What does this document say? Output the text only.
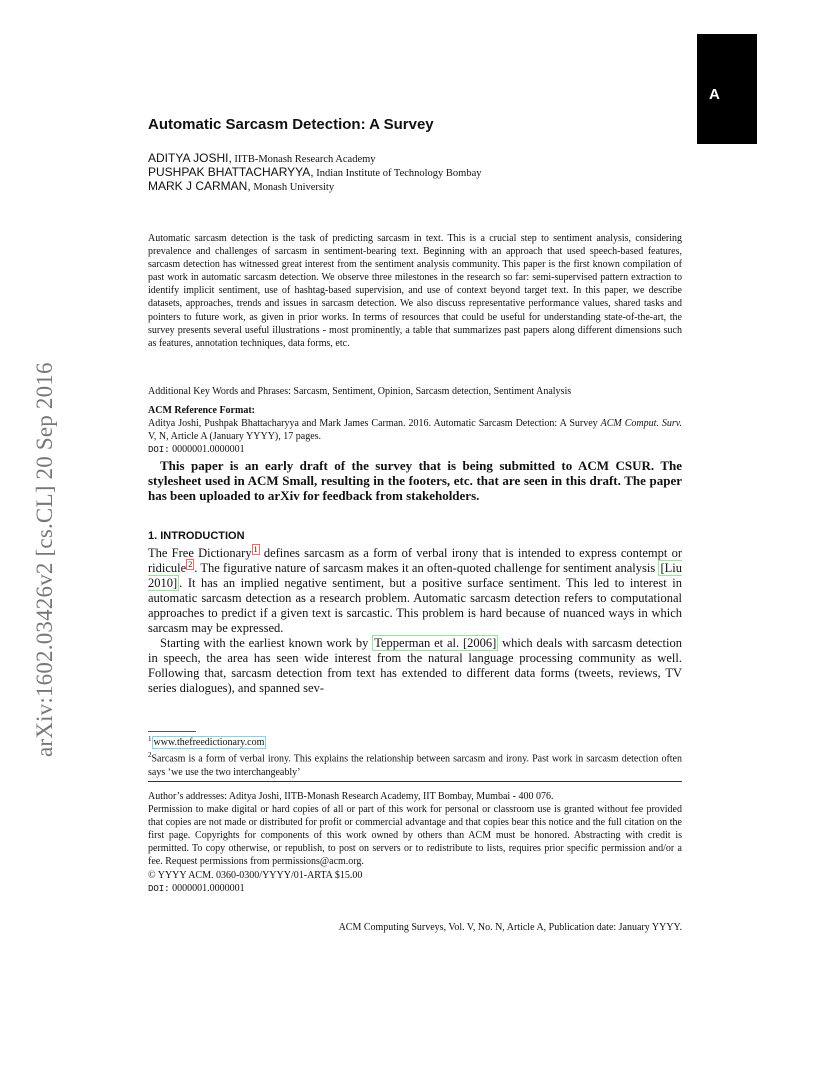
A
arXiv:1602.03426v2 [cs.CL] 20 Sep 2016
Automatic Sarcasm Detection: A Survey
ADITYA JOSHI, IITB-Monash Research Academy
PUSHPAK BHATTACHARYYA, Indian Institute of Technology Bombay
MARK J CARMAN, Monash University
Automatic sarcasm detection is the task of predicting sarcasm in text. This is a crucial step to sentiment analysis, considering prevalence and challenges of sarcasm in sentiment-bearing text. Beginning with an approach that used speech-based features, sarcasm detection has witnessed great interest from the sentiment analysis community. This paper is the first known compilation of past work in automatic sarcasm detection. We observe three milestones in the research so far: semi-supervised pattern extraction to identify implicit sentiment, use of hashtag-based supervision, and use of context beyond target text. In this paper, we describe datasets, approaches, trends and issues in sarcasm detection. We also discuss representative performance values, shared tasks and pointers to future work, as given in prior works. In terms of resources that could be useful for understanding state-of-the-art, the survey presents several useful illustrations - most prominently, a table that summarizes past papers along different dimensions such as features, annotation techniques, data forms, etc.
Additional Key Words and Phrases: Sarcasm, Sentiment, Opinion, Sarcasm detection, Sentiment Analysis
ACM Reference Format:
Aditya Joshi, Pushpak Bhattacharyya and Mark James Carman. 2016. Automatic Sarcasm Detection: A Survey ACM Comput. Surv. V, N, Article A (January YYYY), 17 pages.
DOI: 0000001.0000001
This paper is an early draft of the survey that is being submitted to ACM CSUR. The stylesheet used in ACM Small, resulting in the footers, etc. that are seen in this draft. The paper has been uploaded to arXiv for feedback from stakeholders.
1. INTRODUCTION

The Free Dictionary $^1$ defines sarcasm as a form of verbal irony that is intended to express contempt or ridicule $^2$ . The figurative nature of sarcasm makes it an often-quoted challenge for sentiment analysis [Liu 2010] . It has an implied negative sentiment, but a positive surface sentiment. This led to interest in automatic sarcasm detection as a research problem. Automatic sarcasm detection refers to computational approaches to predict if a given text is sarcastic. This problem is hard because of nuanced ways in which sarcasm may be expressed.

Starting with the earliest known work by Tepperman et al. [2006] which deals with sarcasm detection in speech, the area has seen wide interest from the natural language processing community as well. Following that, sarcasm detection from text has extended to different data forms (tweets, reviews, TV series dialogues), and spanned sev-

$^1$ www.thefreedictionary.com
$^2$Sarcasm is a form of verbal irony. This explains the relationship between sarcasm and irony. Past work in sarcasm detection often says ‘we use the two interchangeably’
Author’s addresses: Aditya Joshi, IITB-Monash Research Academy, IIT Bombay, Mumbai - 400 076.
Permission to make digital or hard copies of all or part of this work for personal or classroom use is granted without fee provided that copies are not made or distributed for profit or commercial advantage and that copies bear this notice and the full citation on the first page. Copyrights for components of this work owned by others than ACM must be honored. Abstracting with credit is permitted. To copy otherwise, or republish, to post on servers or to redistribute to lists, requires prior specific permission and/or a fee. Request permissions from permissions@acm.org.
© YYYY ACM. 0360-0300/YYYY/01-ARTA $15.00
DOI: 0000001.0000001
ACM Computing Surveys, Vol. V, No. N, Article A, Publication date: January YYYY.
